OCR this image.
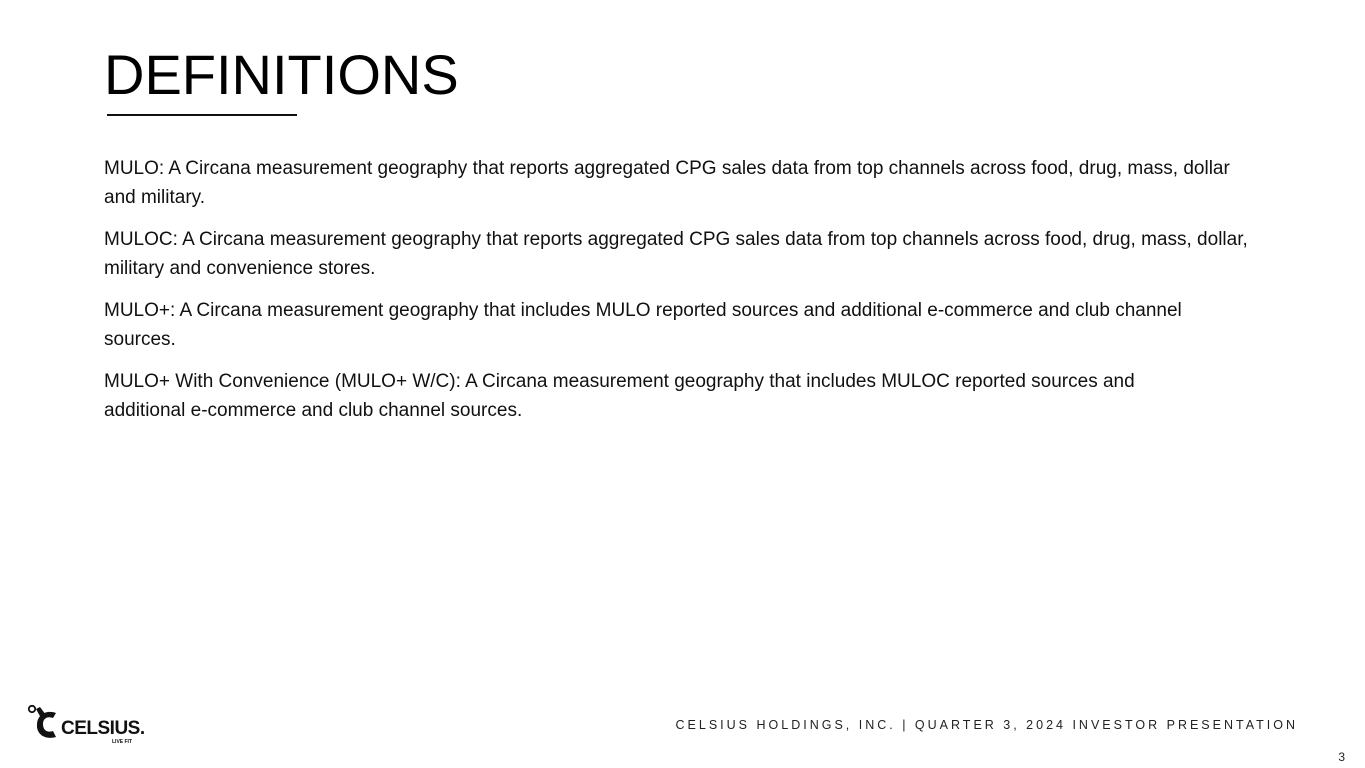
DEFINITIONS

MULO: A Circana measurement geography that reports aggregated CPG sales data from top channels across food, drug, mass, dollar and military.

MULOC: A Circana measurement geography that reports aggregated CPG sales data from top channels across food, drug, mass, dollar, military and convenience stores.

MULO+: A Circana measurement geography that includes MULO reported sources and additional e-commerce and club channel sources.

MULO+ With Convenience (MULO+ W/C): A Circana measurement geography that includes MULOC reported sources and additional e-commerce and club channel sources.

CELSIUS.
LIVE FIT
CELSIUS HOLDINGS, INC. | QUARTER 3, 2024 INVESTOR PRESENTATION
3
